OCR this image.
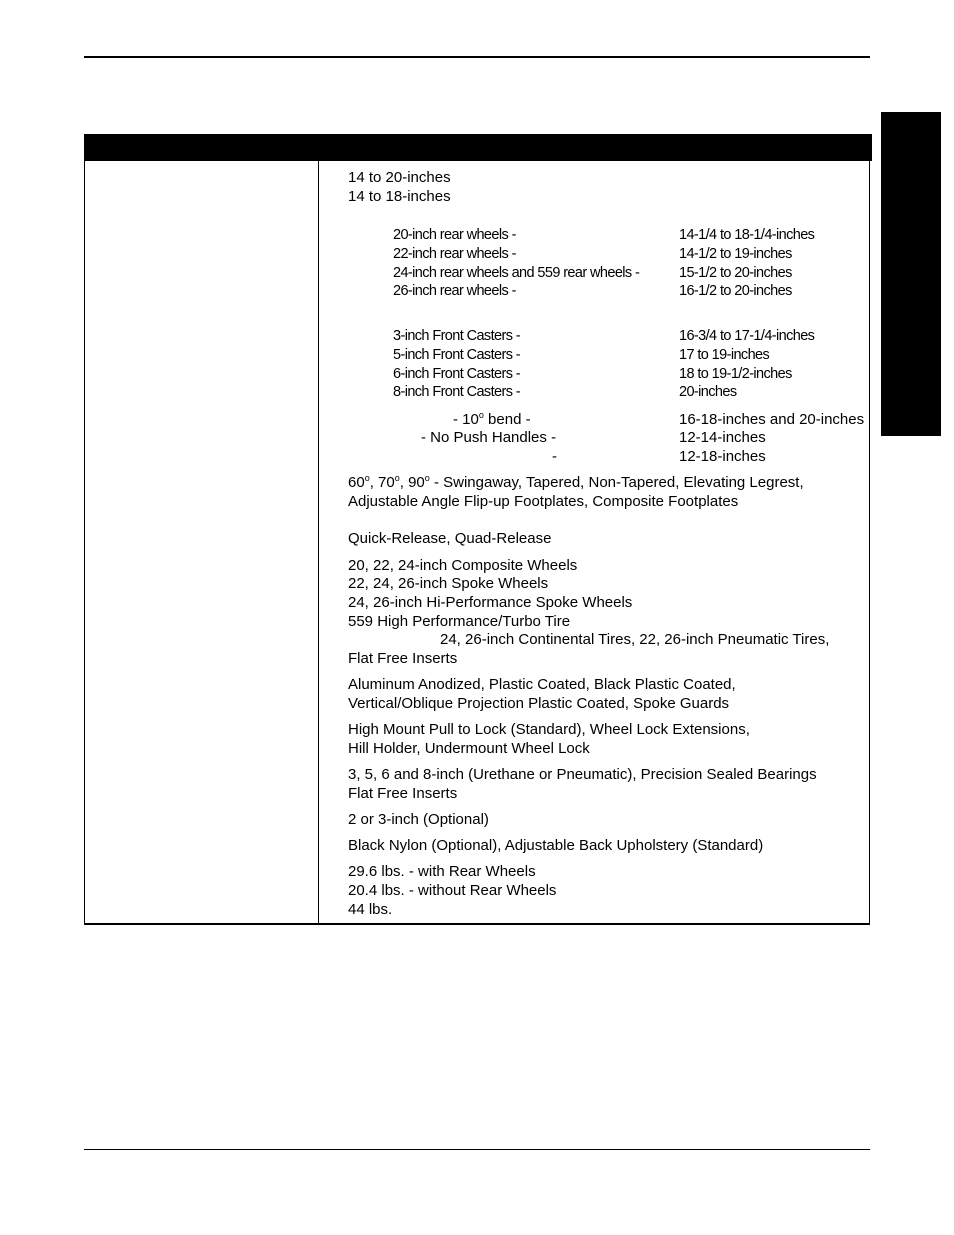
14 to 20-inches
14 to 18-inches
20-inch rear wheels -	14-1/4 to 18-1/4-inches
22-inch rear wheels -	14-1/2 to 19-inches
24-inch rear wheels and 559 rear wheels -	15-1/2 to 20-inches
26-inch rear wheels -	16-1/2 to 20-inches
3-inch Front Casters -	16-3/4 to 17-1/4-inches
5-inch Front Casters -	17 to 19-inches
6-inch Front Casters -	18 to 19-1/2-inches
8-inch Front Casters -	20-inches
- 10$^o$ bend -	16-18-inches and 20-inches
- No Push Handles -	12-14-inches
-	12-18-inches
60$^o$, 70$^o$, 90$^o$ - Swingaway, Tapered, Non-Tapered, Elevating Legrest,
Adjustable Angle Flip-up Footplates, Composite Footplates
Quick-Release, Quad-Release
20, 22, 24-inch Composite Wheels
22, 24, 26-inch Spoke Wheels
24, 26-inch Hi-Performance Spoke Wheels
559 High Performance/Turbo Tire
24, 26-inch Continental Tires, 22, 26-inch Pneumatic Tires,
Flat Free Inserts
Aluminum Anodized, Plastic Coated, Black Plastic Coated,
Vertical/Oblique Projection Plastic Coated, Spoke Guards
High Mount Pull to Lock (Standard), Wheel Lock Extensions,
Hill Holder, Undermount Wheel Lock
3, 5, 6 and 8-inch (Urethane or Pneumatic), Precision Sealed Bearings
Flat Free Inserts
2 or 3-inch (Optional)
Black Nylon (Optional), Adjustable Back Upholstery (Standard)
29.6 lbs. - with Rear Wheels
20.4 lbs. - without Rear Wheels
44 lbs.
